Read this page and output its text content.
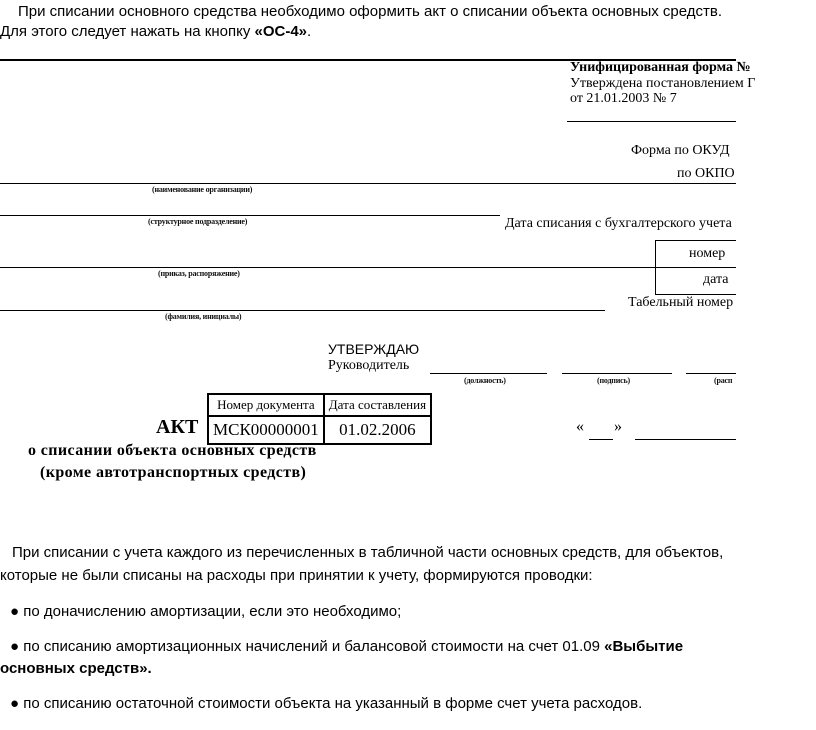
При списании основного средства необходимо оформить акт о списании объекта основных средств.
Для этого следует нажать на кнопку «ОС-4».
Унифицированная форма №
Утверждена постановлением Г
от 21.01.2003 № 7
Форма по ОКУД
по ОКПО
(наименование организации)
(структурное подразделение)	Дата списания с бухгалтерского учета
номер
дата
(приказ, распоряжение)
Табельный номер
(фамилия, инициалы)
УТВЕРЖДАЮ
Руководитель
(должность)	(подпись)	(расп
АКТ
Номер документа	Дата составления
МСК00000001	01.02.2006	« »
о списании объекта основных средств
(кроме автотранспортных средств)
При списании с учета каждого из перечисленных в табличной части основных средств, для объектов,
которые не были списаны на расходы при принятии к учету, формируются проводки:
● по доначислению амортизации, если это необходимо;
● по списанию амортизационных начислений и балансовой стоимости на счет 01.09 «Выбытие
основных средств».
● по списанию остаточной стоимости объекта на указанный в форме счет учета расходов.
